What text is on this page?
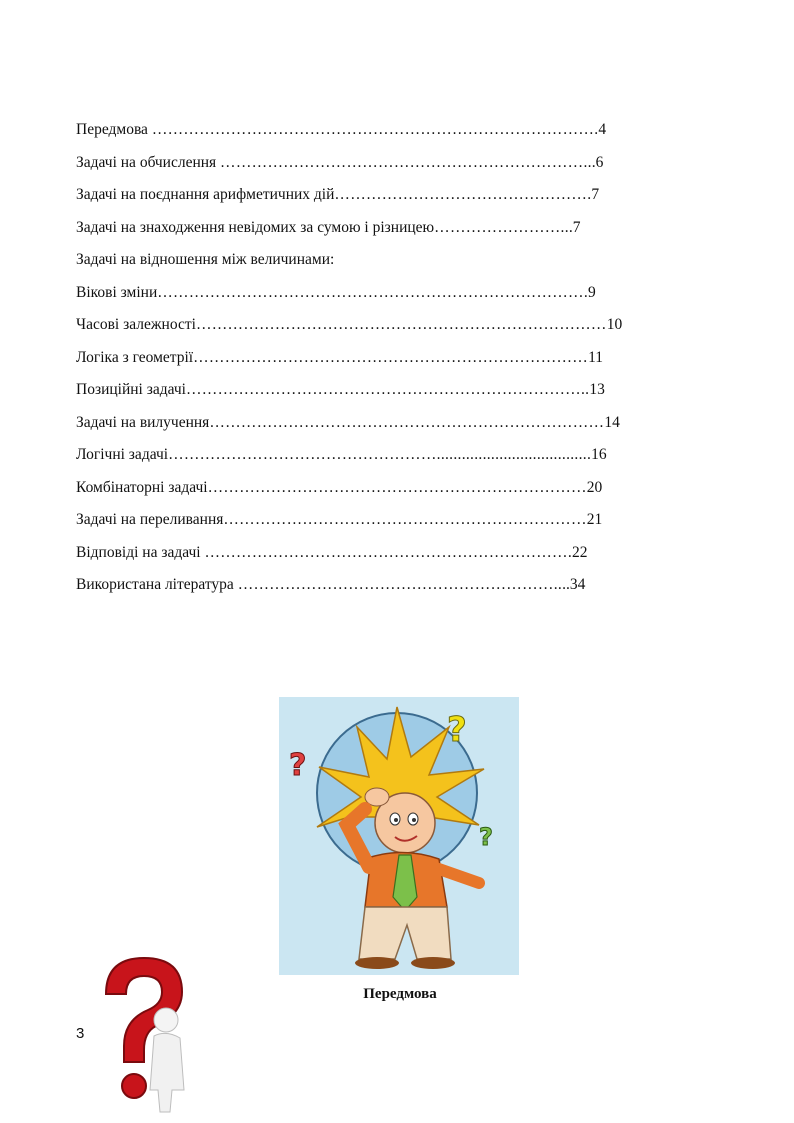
Передмова ………………………………………………………………………….4
Задачі на обчислення ……………………………………………………………...6
Задачі на поєднання арифметичних дій………………………………………….7
Задачі на знаходження невідомих за сумою і різницею……………………...7
Задачі на відношення між величинами:
Вікові зміни……………………………………………………………………….9
Часові залежності……………………………………………………………………10
Логіка з геометрії…………………………………………………………………11
Позиційні задачі…………………………………………………………………..13
Задачі на вилучення…………………………………………………………………14
Логічні задачі…………………………………………….....................................16
Комбінаторні задачі………………………………………………………………20
Задачі на переливання……………………………………………………………21
Відповіді на задачі …………………………………………………………….22
Використана література ……………………………………………………....34
?
?
?
Передмова
3
